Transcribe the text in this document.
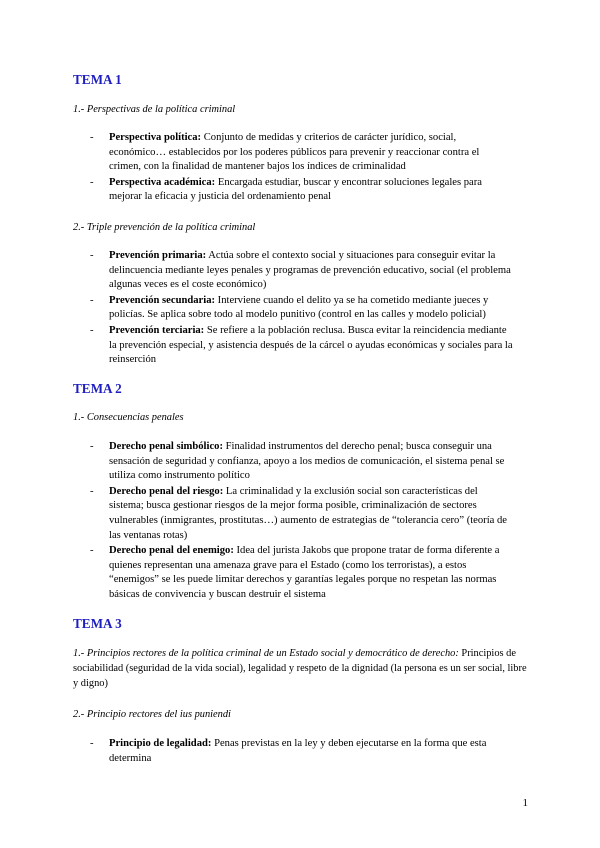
TEMA 1
1.- Perspectivas de la política criminal
- Perspectiva política: Conjunto de medidas y criterios de carácter jurídico, social, económico… establecidos por los poderes públicos para prevenir y reaccionar contra el crimen, con la finalidad de mantener bajos los índices de criminalidad
- Perspectiva académica: Encargada estudiar, buscar y encontrar soluciones legales para mejorar la eficacia y justicia del ordenamiento penal
2.- Triple prevención de la política criminal
- Prevención primaria: Actúa sobre el contexto social y situaciones para conseguir evitar la delincuencia mediante leyes penales y programas de prevención educativo, social (el problema algunas veces es el coste económico)
- Prevención secundaria: Interviene cuando el delito ya se ha cometido mediante jueces y policías. Se aplica sobre todo al modelo punitivo (control en las calles y modelo policial)
- Prevención terciaria: Se refiere a la población reclusa. Busca evitar la reincidencia mediante la prevención especial, y asistencia después de la cárcel o ayudas económicas y sociales para la reinserción
TEMA 2
1.- Consecuencias penales
- Derecho penal simbólico: Finalidad instrumentos del derecho penal; busca conseguir una sensación de seguridad y confianza, apoyo a los medios de comunicación, el sistema penal se utiliza como instrumento político
- Derecho penal del riesgo: La criminalidad y la exclusión social son características del sistema; busca gestionar riesgos de la mejor forma posible, criminalización de sectores vulnerables (inmigrantes, prostitutas…) aumento de estrategias de “tolerancia cero” (teoría de las ventanas rotas)
- Derecho penal del enemigo: Idea del jurista Jakobs que propone tratar de forma diferente a quienes representan una amenaza grave para el Estado (como los terroristas), a estos “enemigos” se les puede limitar derechos y garantías legales porque no respetan las normas básicas de convivencia y buscan destruir el sistema
TEMA 3
1.- Principios rectores de la política criminal de un Estado social y democrático de derecho: Principios de sociabilidad (seguridad de la vida social), legalidad y respeto de la dignidad (la persona es un ser social, libre y digno)
2.- Principio rectores del ius puniendi
- Principio de legalidad: Penas previstas en la ley y deben ejecutarse en la forma que esta determina
1
